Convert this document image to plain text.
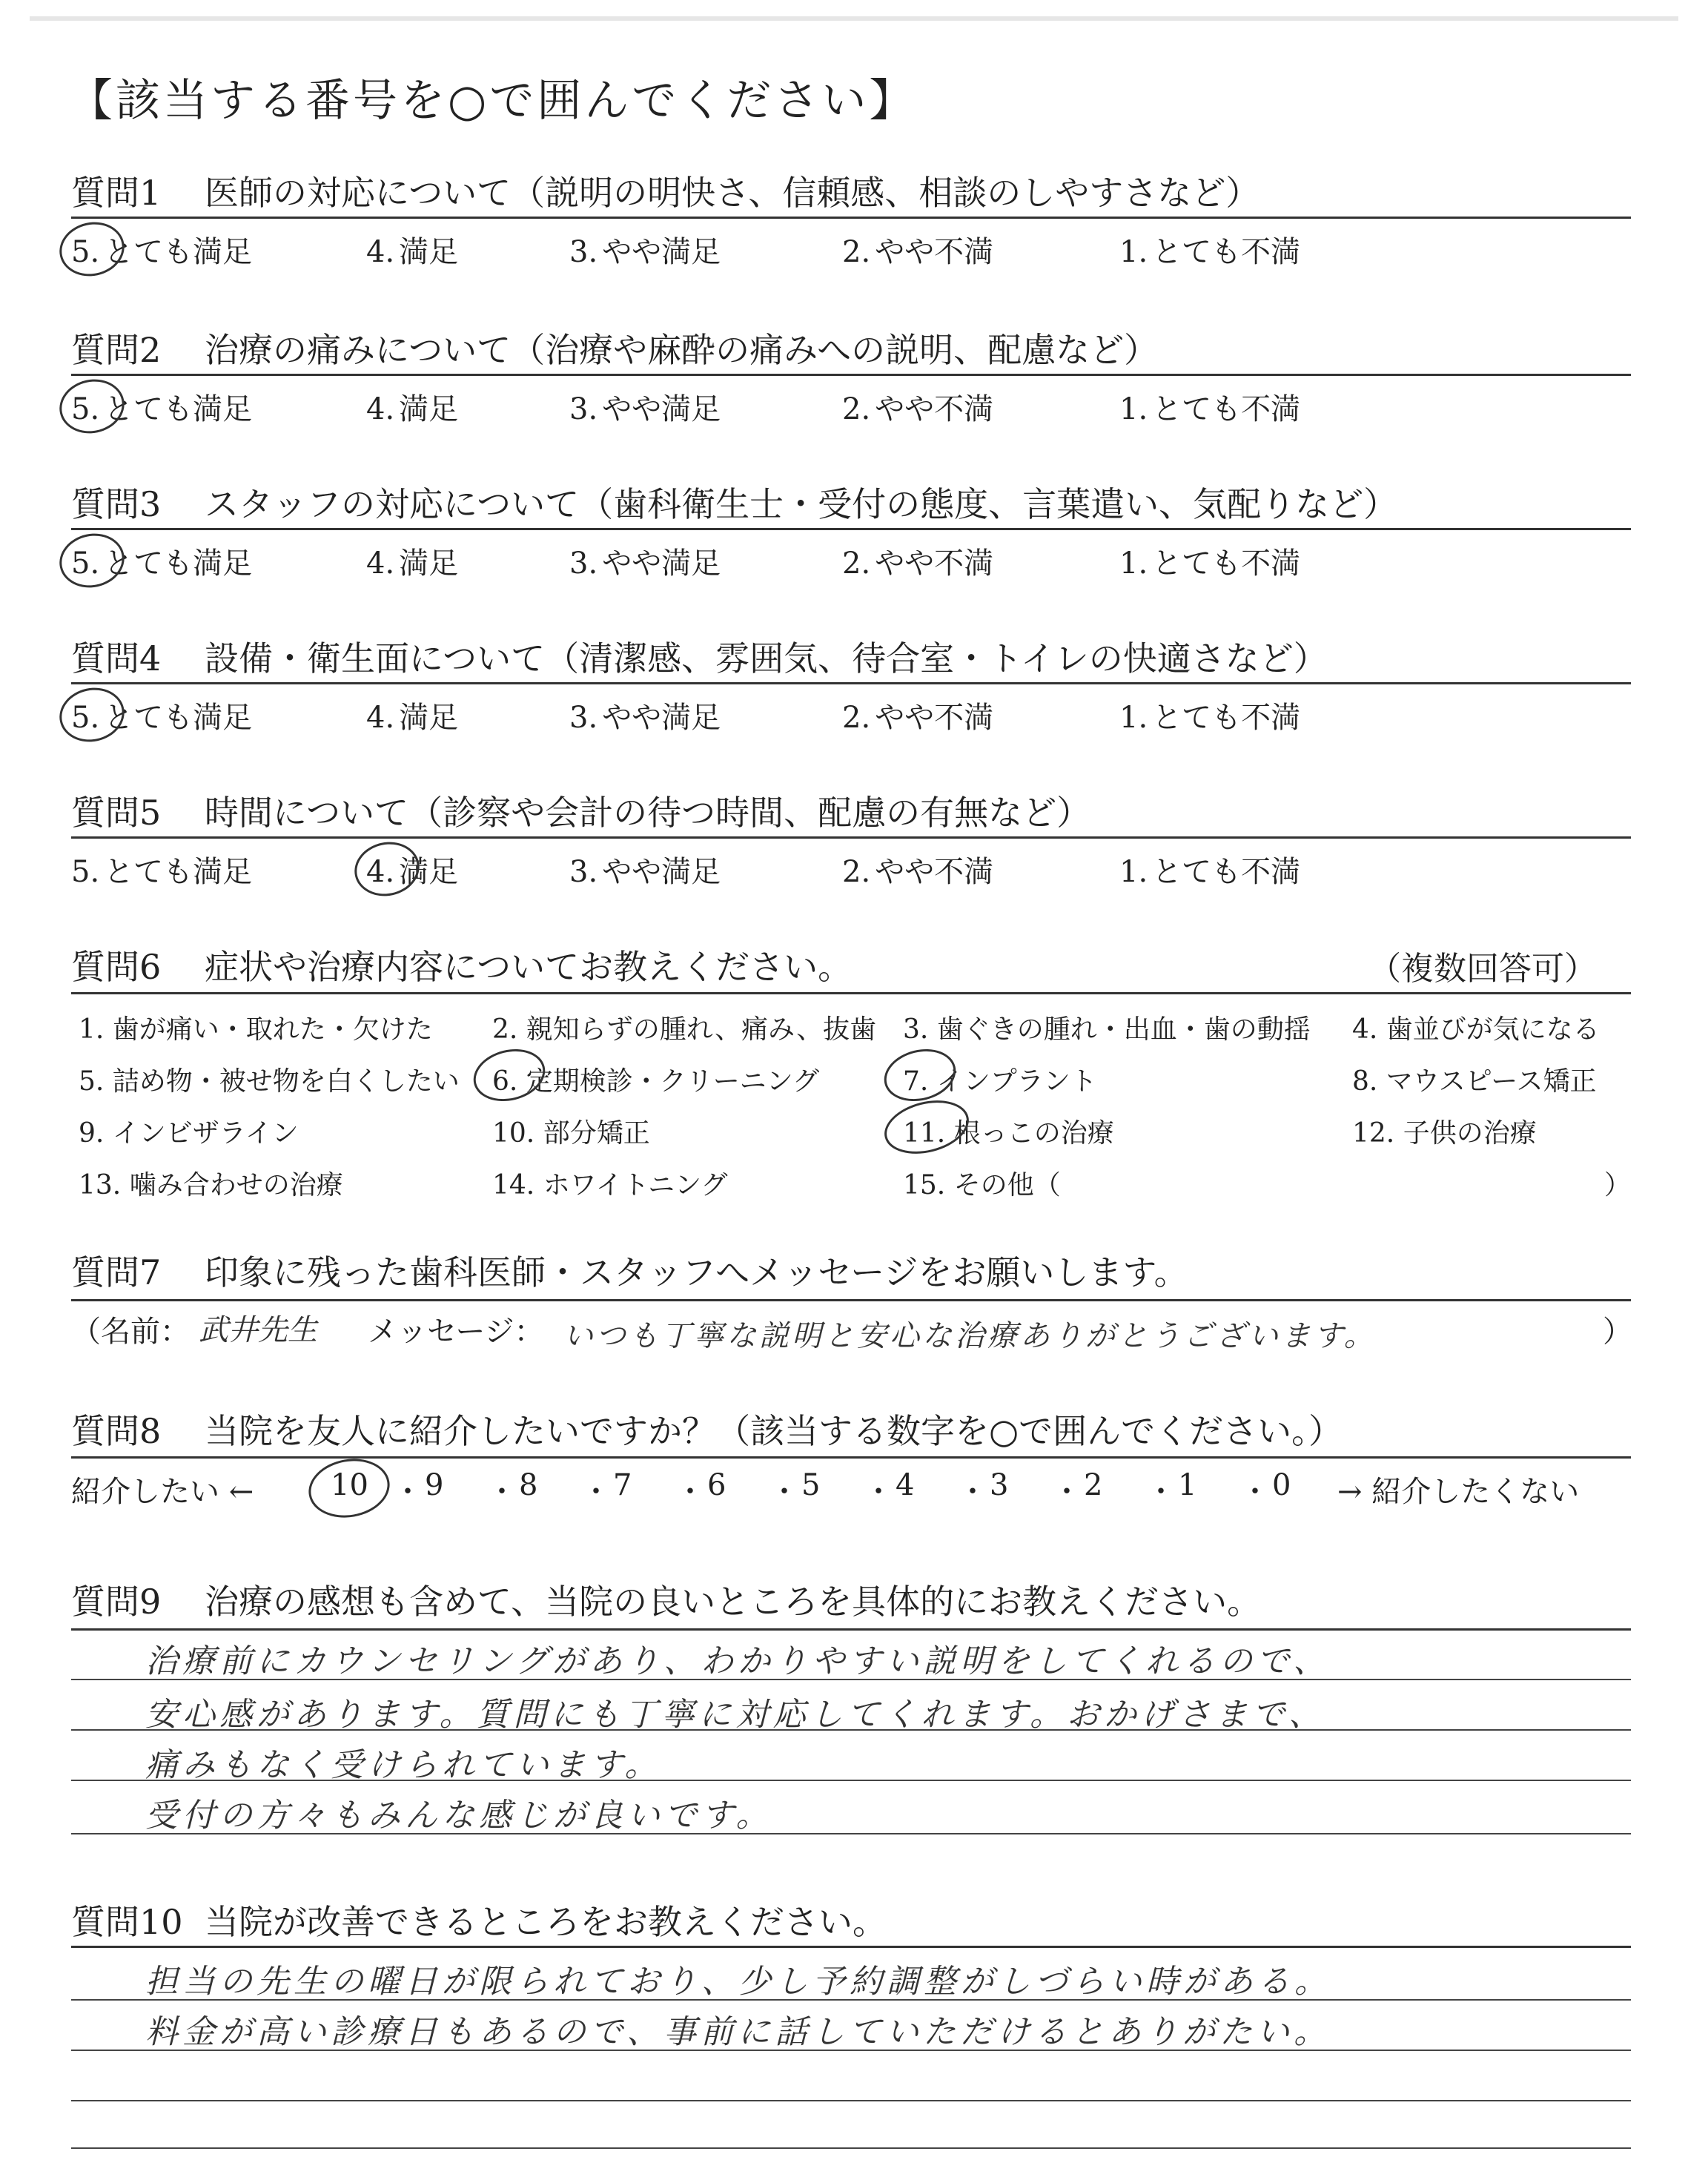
【該当する番号を○で囲んでください】
質問1 医師の対応について（説明の明快さ、信頼感、相談のしやすさなど）
5. とても満足	4. 満足	3. やや満足	2. やや不満	1. とても不満
質問2 治療の痛みについて（治療や麻酔の痛みへの説明、配慮など）
5. とても満足	4. 満足	3. やや満足	2. やや不満	1. とても不満
質問3 スタッフの対応について（歯科衛生士・受付の態度、言葉遣い、気配りなど）
5. とても満足	4. 満足	3. やや満足	2. やや不満	1. とても不満
質問4 設備・衛生面について（清潔感、雰囲気、待合室・トイレの快適さなど）
5. とても満足	4. 満足	3. やや満足	2. やや不満	1. とても不満
質問5 時間について（診察や会計の待つ時間、配慮の有無など）
5. とても満足	4. 満足	3. やや満足	2. やや不満	1. とても不満
質問6 症状や治療内容についてお教えください。	（複数回答可）
1. 歯が痛い・取れた・欠けた 2. 親知らずの腫れ、痛み、抜歯 3. 歯ぐきの腫れ・出血・歯の動揺 4. 歯並びが気になる
5. 詰め物・被せ物を白くしたい 6. 定期検診・クリーニング	7. インプラント	8. マウスピース矯正
9. インビザライン	10. 部分矯正	11. 根っこの治療	12. 子供の治療
13. 噛み合わせの治療	14. ホワイトニング	15. その他（	）
質問7 印象に残った歯科医師・スタッフへメッセージをお願いします。
（名前： 武井先生 メッセージ： いつも丁寧な説明と安心な治療ありがとうございます。	）
質問8 当院を友人に紹介したいですか？（該当する数字を○で囲んでください。）
紹介したい ←	→ 紹介したくない
10 ・ 9 ・ 8 ・ 7 ・ 6 ・ 5 ・ 4 ・ 3 ・ 2 ・ 1 ・ 0
質問9 治療の感想も含めて、当院の良いところを具体的にお教えください。
治療前にカウンセリングがあり、わかりやすい説明をしてくれるので、
安心感があります。質問にも丁寧に対応してくれます。おかげさまで、
痛みもなく受けられています。
受付の方々もみんな感じが良いです。
質問10 当院が改善できるところをお教えください。
担当の先生の曜日が限られており、少し予約調整がしづらい時がある。
料金が高い診療日もあるので、事前に話していただけるとありがたい。
